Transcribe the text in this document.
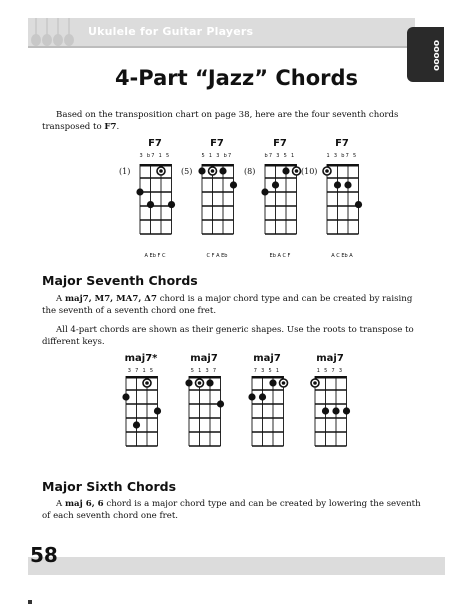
Ukulele for Guitar Players
ooooo
4-Part “Jazz” Chords
Based on the transposition chart on page 38, here are the four seventh chords transposed to F7.
F7
3 b7 1 5
(1)
A Eb F C
F7
5 1 3 b7
(5)
C F A Eb
F7
b7 3 5 1
(8)
Eb A C F
F7
1 3 b7 5
(10)
A C Eb A
Major Seventh Chords
A maj7, M7, MA7, Δ7 chord is a major chord type and can be created by raising the seventh of a seventh chord one fret.
All 4-part chords are shown as their generic shapes. Use the roots to transpose to different keys.
maj7*
3 7 1 5
maj7
5 1 3 7
maj7
7 3 5 1
maj7
1 5 7 3
Major Sixth Chords
A maj 6, 6 chord is a major chord type and can be created by lowering the seventh of each seventh chord one fret.
58
